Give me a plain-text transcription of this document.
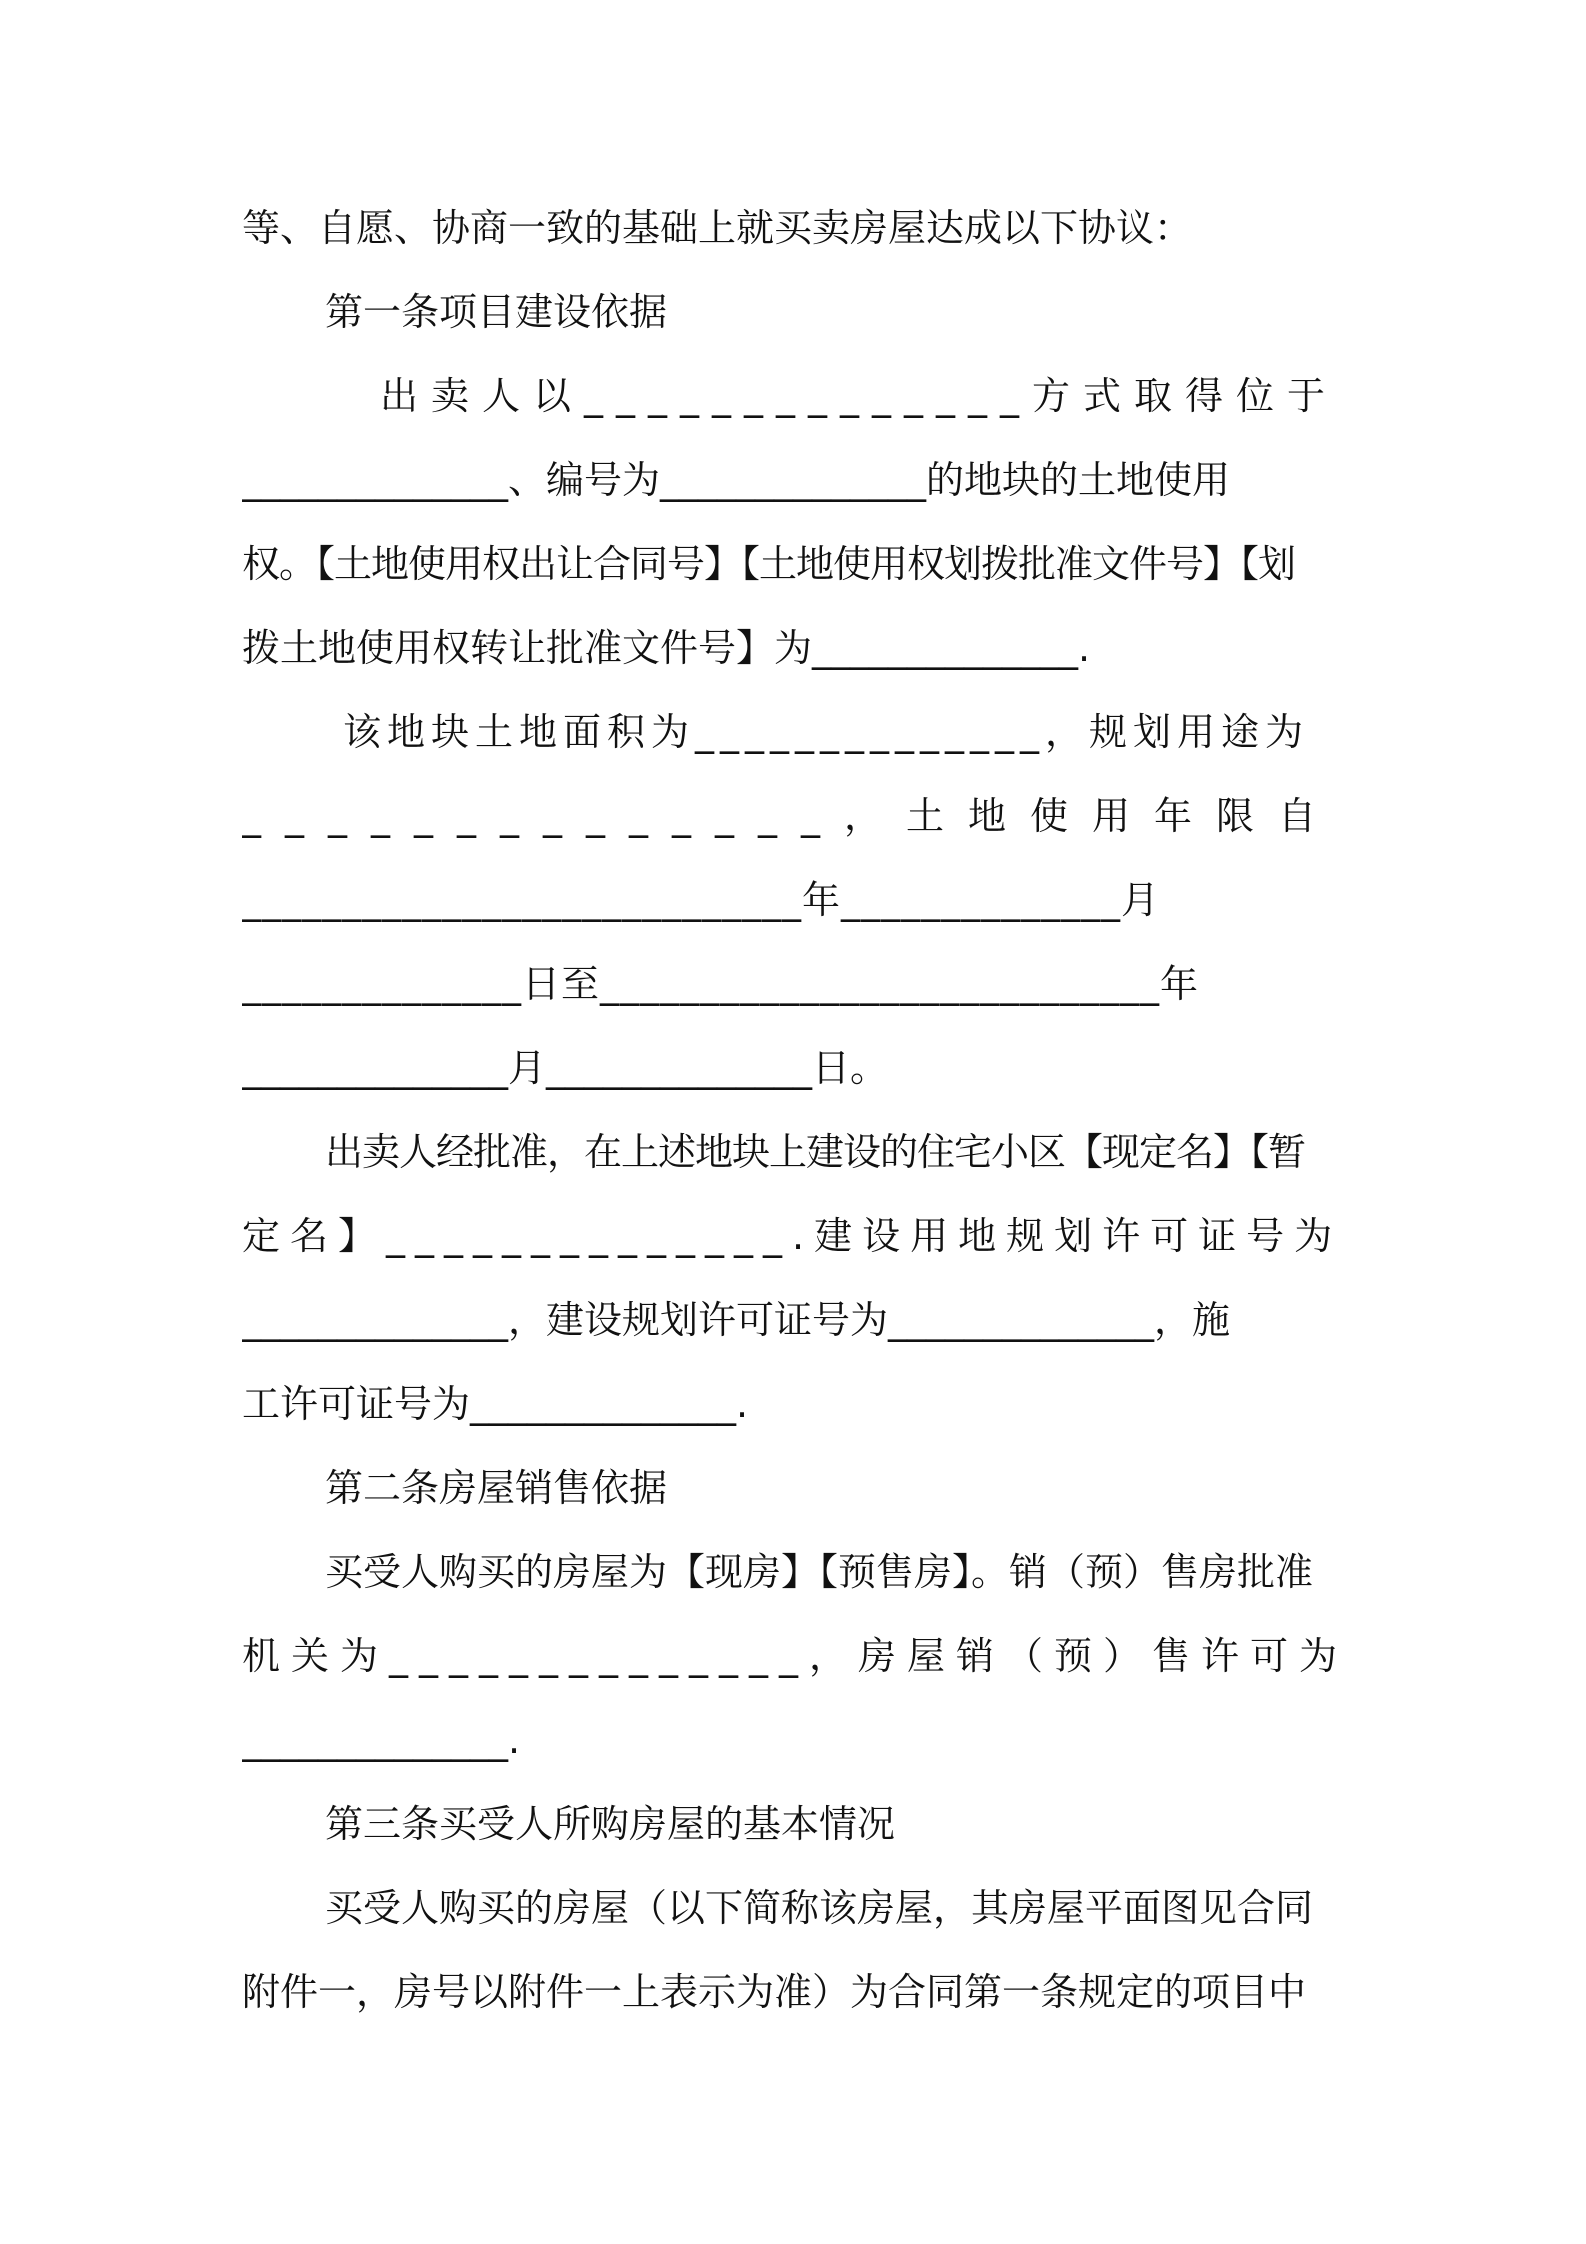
等、自愿、协商一致的基础上就买卖房屋达成以下协议：
第一条项目建设依据
出卖人以______________方式取得位于
______________、编号为______________的地块的土地使用
权。【土地使用权出让合同号】【土地使用权划拨批准文件号】【划
拨土地使用权转让批准文件号】为______________.
该地块土地面积为______________，规划用途为
______________，土地使用年限自
____________________________年______________月
______________日至____________________________年
______________月______________日。
出卖人经批准，在上述地块上建设的住宅小区【现定名】【暂
定名】______________.建设用地规划许可证号为
______________，建设规划许可证号为______________，施
工许可证号为______________.
第二条房屋销售依据
买受人购买的房屋为【现房】【预售房】。销（预）售房批准
机关为______________，房屋销（预）售许可为
______________.
第三条买受人所购房屋的基本情况
买受人购买的房屋（以下简称该房屋，其房屋平面图见合同
附件一，房号以附件一上表示为准）为合同第一条规定的项目中
